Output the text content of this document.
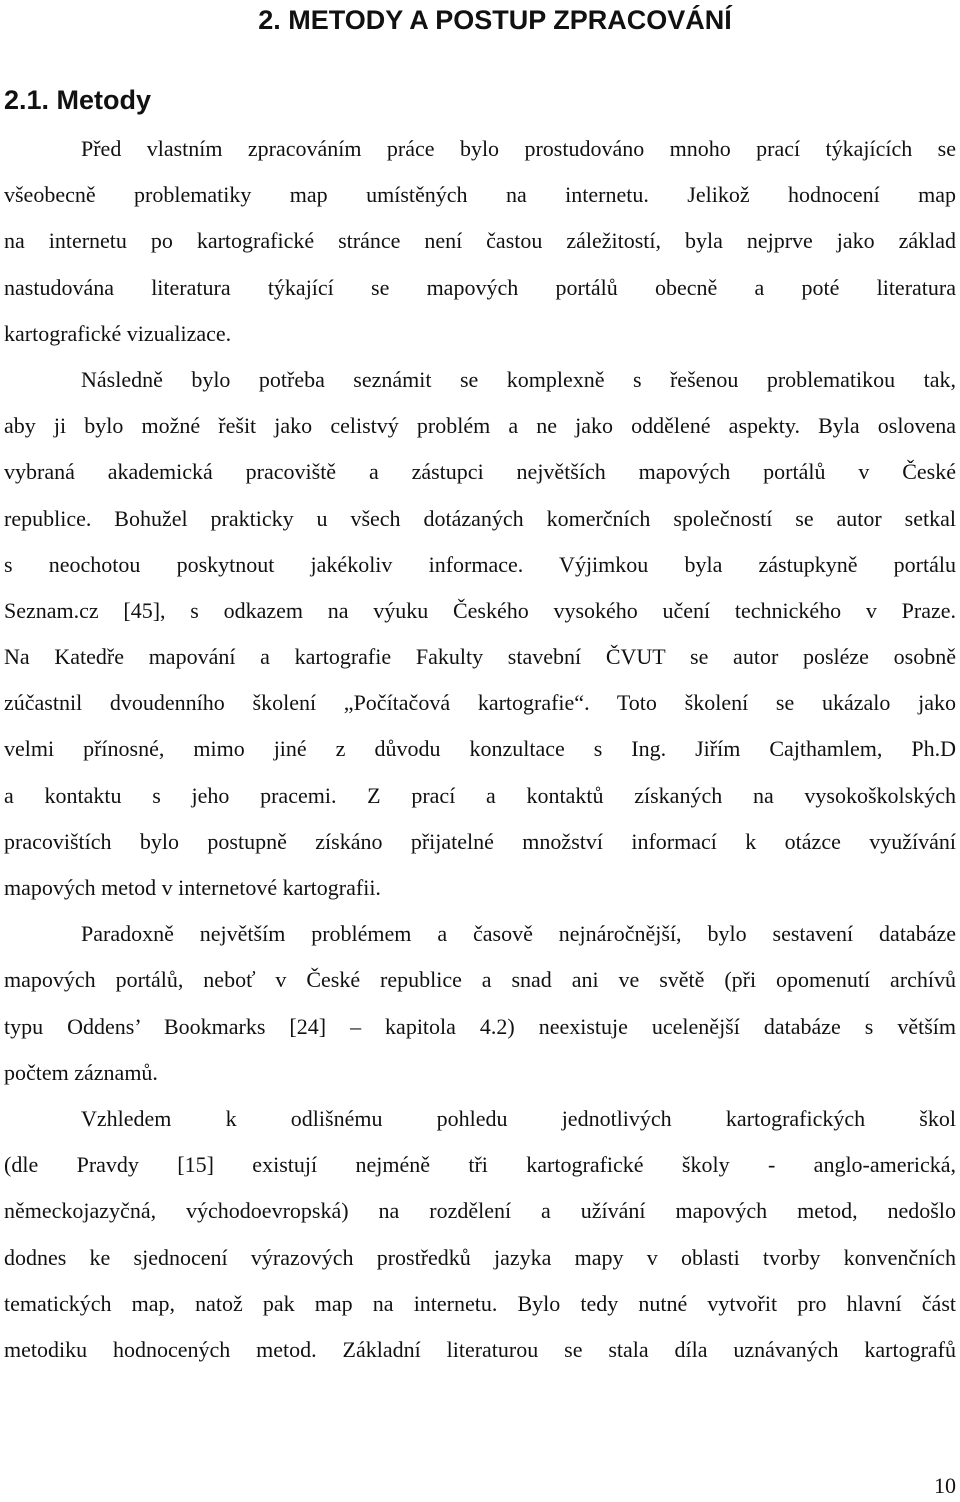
2. METODY A POSTUP ZPRACOVÁNÍ
2.1. Metody
Před vlastním zpracováním práce bylo prostudováno mnoho prací týkajících se
všeobecně problematiky map umístěných na internetu. Jelikož hodnocení map
na internetu po kartografické stránce není častou záležitostí, byla nejprve jako základ
nastudována literatura týkající se mapových portálů obecně a poté literatura
kartografické vizualizace.
Následně bylo potřeba seznámit se komplexně s řešenou problematikou tak,
aby ji bylo možné řešit jako celistvý problém a ne jako oddělené aspekty. Byla oslovena
vybraná akademická pracoviště a zástupci největších mapových portálů v České
republice. Bohužel prakticky u všech dotázaných komerčních společností se autor setkal
s neochotou poskytnout jakékoliv informace. Výjimkou byla zástupkyně portálu
Seznam.cz [45], s odkazem na výuku Českého vysokého učení technického v Praze.
Na Katedře mapování a kartografie Fakulty stavební ČVUT se autor posléze osobně
zúčastnil dvoudenního školení „Počítačová kartografie“. Toto školení se ukázalo jako
velmi přínosné, mimo jiné z důvodu konzultace s Ing. Jiřím Cajthamlem, Ph.D
a kontaktu s jeho pracemi. Z prací a kontaktů získaných na vysokoškolských
pracovištích bylo postupně získáno přijatelné množství informací k otázce využívání
mapových metod v internetové kartografii.
Paradoxně největším problémem a časově nejnáročnější, bylo sestavení databáze
mapových portálů, neboť v České republice a snad ani ve světě (při opomenutí archívů
typu Oddens’ Bookmarks [24] – kapitola 4.2) neexistuje ucelenější databáze s větším
počtem záznamů.
Vzhledem k odlišnému pohledu jednotlivých kartografických škol
(dle Pravdy [15] existují nejméně tři kartografické školy - anglo-americká,
německojazyčná, východoevropská) na rozdělení a užívání mapových metod, nedošlo
dodnes ke sjednocení výrazových prostředků jazyka mapy v oblasti tvorby konvenčních
tematických map, natož pak map na internetu. Bylo tedy nutné vytvořit pro hlavní část
metodiku hodnocených metod. Základní literaturou se stala díla uznávaných kartografů
10
